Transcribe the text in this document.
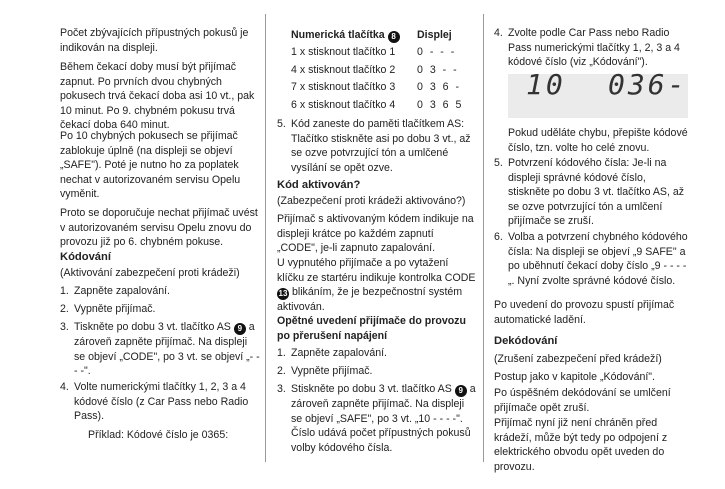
Počet zbývajících přípustných pokusů je indikován na displeji.

Během čekací doby musí být přijímač zapnut. Po prvních dvou chybných pokusech trvá čekací doba asi 10 vt., pak 10 minut. Po 9. chybném pokusu trvá čekací doba 640 minut.

Po 10 chybných pokusech se přijímač zablokuje úplně (na displeji se objeví „SAFE"). Poté je nutno ho za poplatek nechat v autorizovaném servisu Opelu vyměnit.

Proto se doporučuje nechat přijímač uvést v autorizovaném servisu Opelu znovu do provozu již po 6. chybném pokuse.

Kódování

(Aktivování zabezpečení proti krádeži)

1. Zapněte zapalování.
2. Vypněte přijímač.
3. Tiskněte po dobu 3 vt. tlačítko AS 9 a zároveň zapněte přijímač. Na displeji se objeví „CODE", po 3 vt. se objeví „- - - -".
4. Volte numerickými tlačítky 1, 2, 3 a 4 kódové číslo (z Car Pass nebo Radio Pass).

Příklad: Kódové číslo je 0365:

Numerická tlačítka 8	Displej
1 x stisknout tlačítko 1 0 - - -
4 x stisknout tlačítko 2 0 3 - -
7 x stisknout tlačítko 3 0 3 6 -
6 x stisknout tlačítko 4 0 3 6 5
5. Kód zaneste do paměti tlačítkem AS: Tlačítko stiskněte asi po dobu 3 vt., až se ozve potvrzující tón a umlčené vysílání se opět ozve.

Kód aktivován?

(Zabezpečení proti krádeži aktivováno?)

Přijímač s aktivovaným kódem indikuje na displeji krátce po každém zapnutí „CODE", je-li zapnuto zapalování.

U vypnutého přijímače a po vytažení klíčku ze startéru indikuje kontrolka CODE 13 blikáním, že je bezpečnostní systém aktivován.

Opětné uvedení přijímače do provozu po přerušení napájení

1. Zapněte zapalování.
2. Vypněte přijímač.
3. Stiskněte po dobu 3 vt. tlačítko AS 9 a zároveň zapněte přijímač. Na displeji se objeví „SAFE", po 3 vt. „10 - - - -". Číslo udává počet přípustných pokusů volby kódového čísla.
4. Zvolte podle Car Pass nebo Radio Pass numerickými tlačítky 1, 2, 3 a 4 kódové číslo (viz „Kódování").
10 036-

Pokud uděláte chybu, přepište kódové číslo, tzn. volte ho celé znovu.

5. Potvrzení kódového čísla: Je-li na displeji správné kódové číslo, stiskněte po dobu 3 vt. tlačítko AS, až se ozve potvrzující tón a umlčení přijímače se zruší.
6. Volba a potvrzení chybného kódového čísla: Na displeji se objeví „9 SAFE" a po uběhnutí čekací doby číslo „9 - - - -„. Nyní zvolte správné kódové číslo.

Po uvedení do provozu spustí přijímač automatické ladění.

Dekódování

(Zrušení zabezpečení před krádeží)

Postup jako v kapitole „Kódování".

Po úspěšném dekódování se umlčení přijímače opět zruší.

Přijímač nyní již není chráněn před krádeží, může být tedy po odpojení z elektrického obvodu opět uveden do provozu.
